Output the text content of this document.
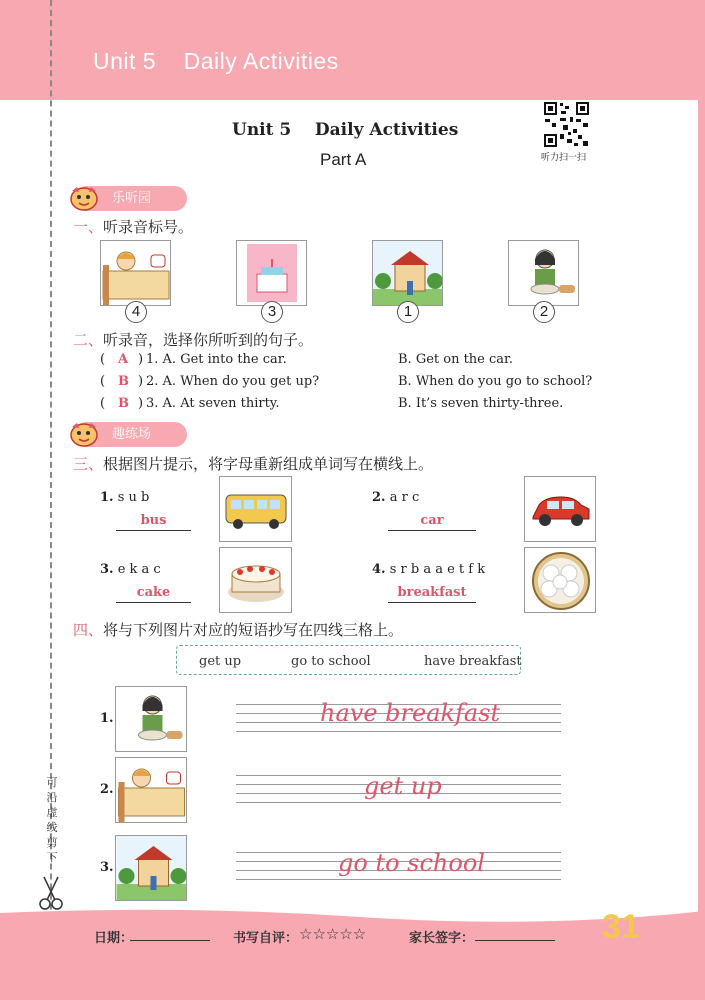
Unit 5    Daily Activities
可沿虚线剪下
Unit 5    Daily Activities
Part A	听力扫一扫
乐听园
一、听录音标号。
4	3	1	2
二、听录音，选择你所听到的句子。
( A ) 1. A. Get into the car.	B. Get on the car.
( B ) 2. A. When do you get up?	B. When do you go to school?
( B ) 3. A. At seven thirty.	B. It’s seven thirty-three.
趣练场
三、根据图片提示，将字母重新组成单词写在横线上。
1. s u b
bus
2. a r c
car
3. e k a c
cake
4. s r b a a e t f k
breakfast
四、将与下列图片对应的短语抄写在四线三格上。
get up	go to school	have breakfast
1.	have breakfast
2.	get up
3.	go to school
日期：	书写自评： ☆☆☆☆☆	家长签字：	31
